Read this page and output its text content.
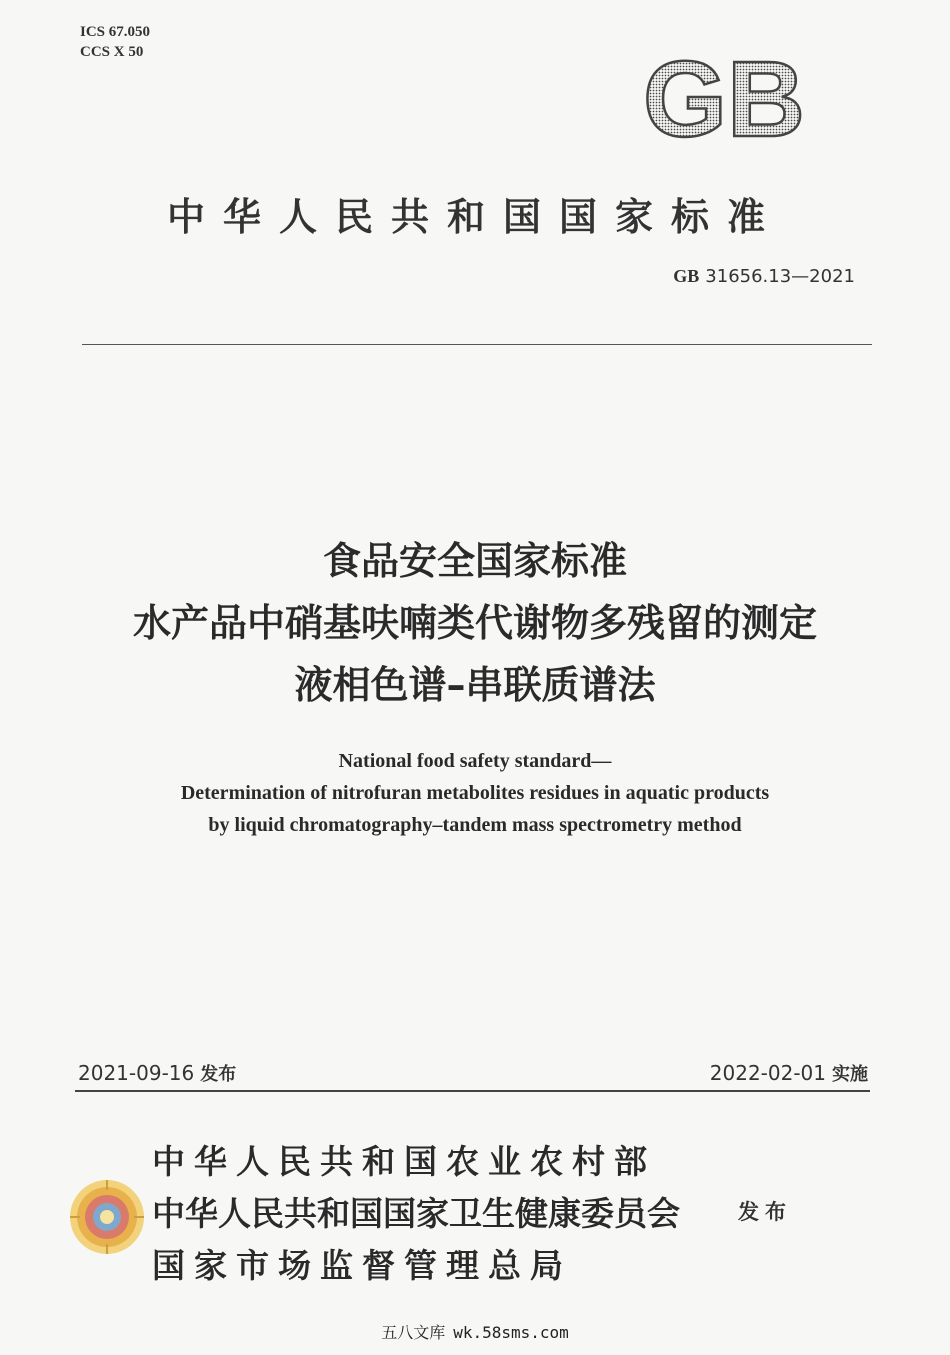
ICS 67.050
CCS X 50	GB
中华人民共和国国家标准
GB 31656.13—2021
食品安全国家标准
水产品中硝基呋喃类代谢物多残留的测定
液相色谱–串联质谱法
National food safety standard—
Determination of nitrofuran metabolites residues in aquatic products
by liquid chromatography–tandem mass spectrometry method
2021-09-16 发布	2022-02-01 实施
中华人民共和国农业农村部
中华人民共和国国家卫生健康委员会
国家市场监督管理总局
发布
五八文库 wk.58sms.com
